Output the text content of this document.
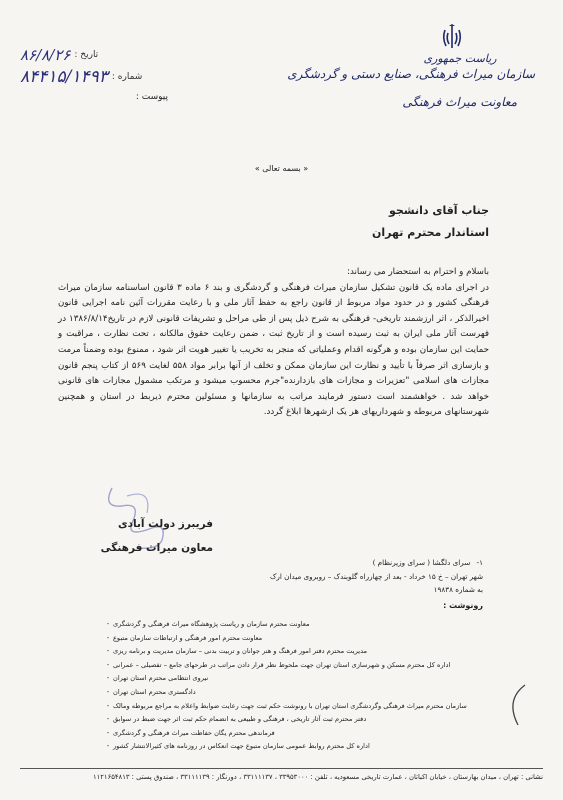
تاریخ :
۸۶/۸/۲۶
شماره :
۸۴۴۱۵/۱۴۹۳
پیوست :
ریاست جمهوری
سازمان میراث فرهنگی، صنایع دستی و گردشگری
معاونت میراث فرهنگی
« بسمه تعالی »
جناب آقای دانشجو
استاندار محترم تهران

باسلام و احترام به استحضار می رساند:

در اجرای ماده یک قانون تشکیل سازمان میراث فرهنگی و گردشگری و بند ۶ ماده ۳ قانون اساسنامه سازمان میراث فرهنگی کشور و در حدود مواد مربوط از قانون راجع به حفظ آثار ملی و با رعایت مقررات آئین نامه اجرایی قانون اخیرالذکر ، اثر ارزشمند تاریخی- فرهنگی به شرح ذیل پس از طی مراحل و تشریفات قانونی لازم در تاریخ۱۳۸۶/۸/۱۴ در فهرست آثار ملی ایران به ثبت رسیده است و از تاریخ ثبت ، ضمن رعایت حقوق مالکانه ، تحت نظارت ، مراقبت و حمایت این سازمان بوده و هرگونه اقدام وعملیاتی که منجر به تخریب یا تغییر هویت اثر شود ، ممنوع بوده وضمناً مرمت و بازسازی اثر صرفاً با تأیید و نظارت این سازمان ممکن و تخلف از آنها برابر مواد ۵۵۸ لغایت ۵۶۹ از کتاب پنجم قانون مجازات های اسلامی "تعزیرات و مجازات های بازدارنده"جرم محسوب میشود و مرتکب مشمول مجازات های قانونی خواهد شد . خواهشمند است دستور فرمایند مراتب به سازمانها و مسئولین محترم ذیربط در استان و همچنین شهرستانهای مربوطه و شهرداریهای هر یک ازشهرها ابلاغ گردد.

فریبرز دولت آبادی
معاون میراث فرهنگی
۱- سرای دلگشا ( سرای وزیرنظام )
شهر تهران – خ ۱۵ خرداد - بعد از چهارراه گلوبندک – روبروی میدان ارک
به شماره ۱۹۸۳۸
رونوشت :
- معاونت محترم سازمان و ریاست پژوهشگاه میراث فرهنگی و گردشگری
- معاونت محترم امور فرهنگی و ارتباطات سازمان متبوع
- مدیریت محترم دفتر امور فرهنگ و هنر جوانان و تربیت بدنی – سازمان مدیریت و برنامه ریزی
- اداره کل محترم مسکن و شهرسازی استان تهران جهت ملحوظ نظر قرار دادن مراتب در طرحهای جامع – تفصیلی – عمرانی
- نیروی انتظامی محترم استان تهران
- دادگستری محترم استان تهران
- سازمان محترم میراث فرهنگی وگردشگری استان تهران با رونوشت حکم ثبت جهت رعایت ضوابط واعلام به مراجع مربوطه ومالک
- دفتر محترم ثبت آثار تاریخی ، فرهنگی و طبیعی به انضمام حکم ثبت اثر جهت ضبط در سوابق
- فرماندهی محترم یگان حفاظت میراث فرهنگی و گردشگری
- اداره کل محترم روابط عمومی سازمان متبوع جهت انعکاس در روزنامه های کثیرالانتشار کشور
نشانی : تهران ، میدان بهارستان ، خیابان اکباتان ، عمارت تاریخی مسعودیه ، تلفن : ۳۳۹۵۳۰۰۰ ، ۳۳۱۱۱۱۳۷ ، دورنگار : ۳۳۱۱۱۱۳۹ ، صندوق پستی : ۱۱۲۱۶۵۴۸۱۳
